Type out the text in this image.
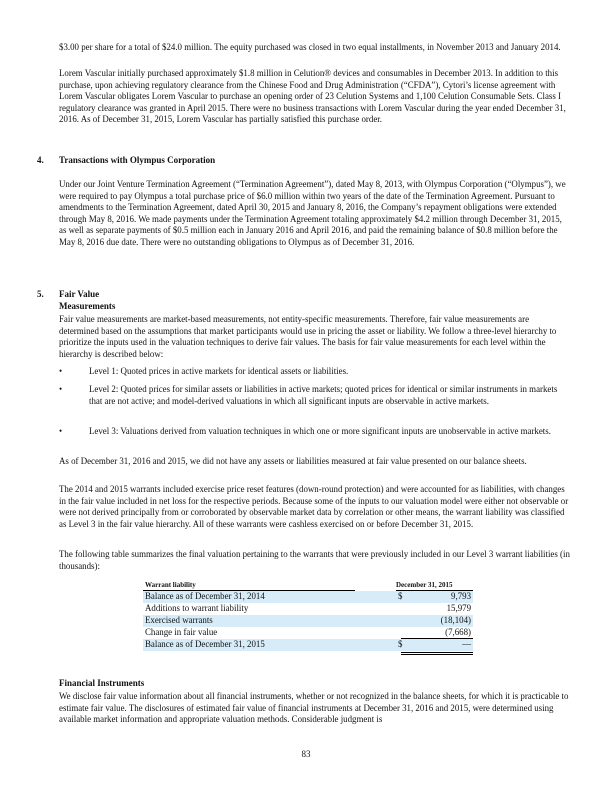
$3.00 per share for a total of $24.0 million. The equity purchased was closed in two equal installments, in November 2013 and January 2014.

Lorem Vascular initially purchased approximately $1.8 million in Celution® devices and consumables in December 2013. In addition to this purchase, upon achieving regulatory clearance from the Chinese Food and Drug Administration (“CFDA”), Cytori’s license agreement with Lorem Vascular obligates Lorem Vascular to purchase an opening order of 23 Celution Systems and 1,100 Celution Consumable Sets. Class I regulatory clearance was granted in April 2015. There were no business transactions with Lorem Vascular during the year ended December 31, 2016. As of December 31, 2015, Lorem Vascular has partially satisfied this purchase order.

4. Transactions with Olympus Corporation

Under our Joint Venture Termination Agreement (“Termination Agreement”), dated May 8, 2013, with Olympus Corporation (“Olympus”), we were required to pay Olympus a total purchase price of $6.0 million within two years of the date of the Termination Agreement. Pursuant to amendments to the Termination Agreement, dated April 30, 2015 and January 8, 2016, the Company’s repayment obligations were extended through May 8, 2016. We made payments under the Termination Agreement totaling approximately $4.2 million through December 31, 2015, as well as separate payments of $0.5 million each in January 2016 and April 2016, and paid the remaining balance of $0.8 million before the May 8, 2016 due date. There were no outstanding obligations to Olympus as of December 31, 2016.

5. Fair Value
Measurements

Fair value measurements are market-based measurements, not entity-specific measurements. Therefore, fair value measurements are determined based on the assumptions that market participants would use in pricing the asset or liability. We follow a three-level hierarchy to prioritize the inputs used in the valuation techniques to derive fair values. The basis for fair value measurements for each level within the hierarchy is described below:

•	Level 1: Quoted prices in active markets for identical assets or liabilities.
•	Level 2: Quoted prices for similar assets or liabilities in active markets; quoted prices for identical or similar instruments in markets that are not active; and model-derived valuations in which all significant inputs are observable in active markets.
•	Level 3: Valuations derived from valuation techniques in which one or more significant inputs are unobservable in active markets.

As of December 31, 2016 and 2015, we did not have any assets or liabilities measured at fair value presented on our balance sheets.

The 2014 and 2015 warrants included exercise price reset features (down-round protection) and were accounted for as liabilities, with changes in the fair value included in net loss for the respective periods. Because some of the inputs to our valuation model were either not observable or were not derived principally from or corroborated by observable market data by correlation or other means, the warrant liability was classified as Level 3 in the fair value hierarchy. All of these warrants were cashless exercised on or before December 31, 2015.

The following table summarizes the final valuation pertaining to the warrants that were previously included in our Level 3 warrant liabilities (in thousands):

Warrant liability	December 31, 2015
Balance as of December 31, 2014	$	9,793
Additions to warrant liability	15,979
Exercised warrants	(18,104)
Change in fair value	(7,668)
Balance as of December 31, 2015	$	—
Financial Instruments

We disclose fair value information about all financial instruments, whether or not recognized in the balance sheets, for which it is practicable to estimate fair value. The disclosures of estimated fair value of financial instruments at December 31, 2016 and 2015, were determined using available market information and appropriate valuation methods. Considerable judgment is

83
